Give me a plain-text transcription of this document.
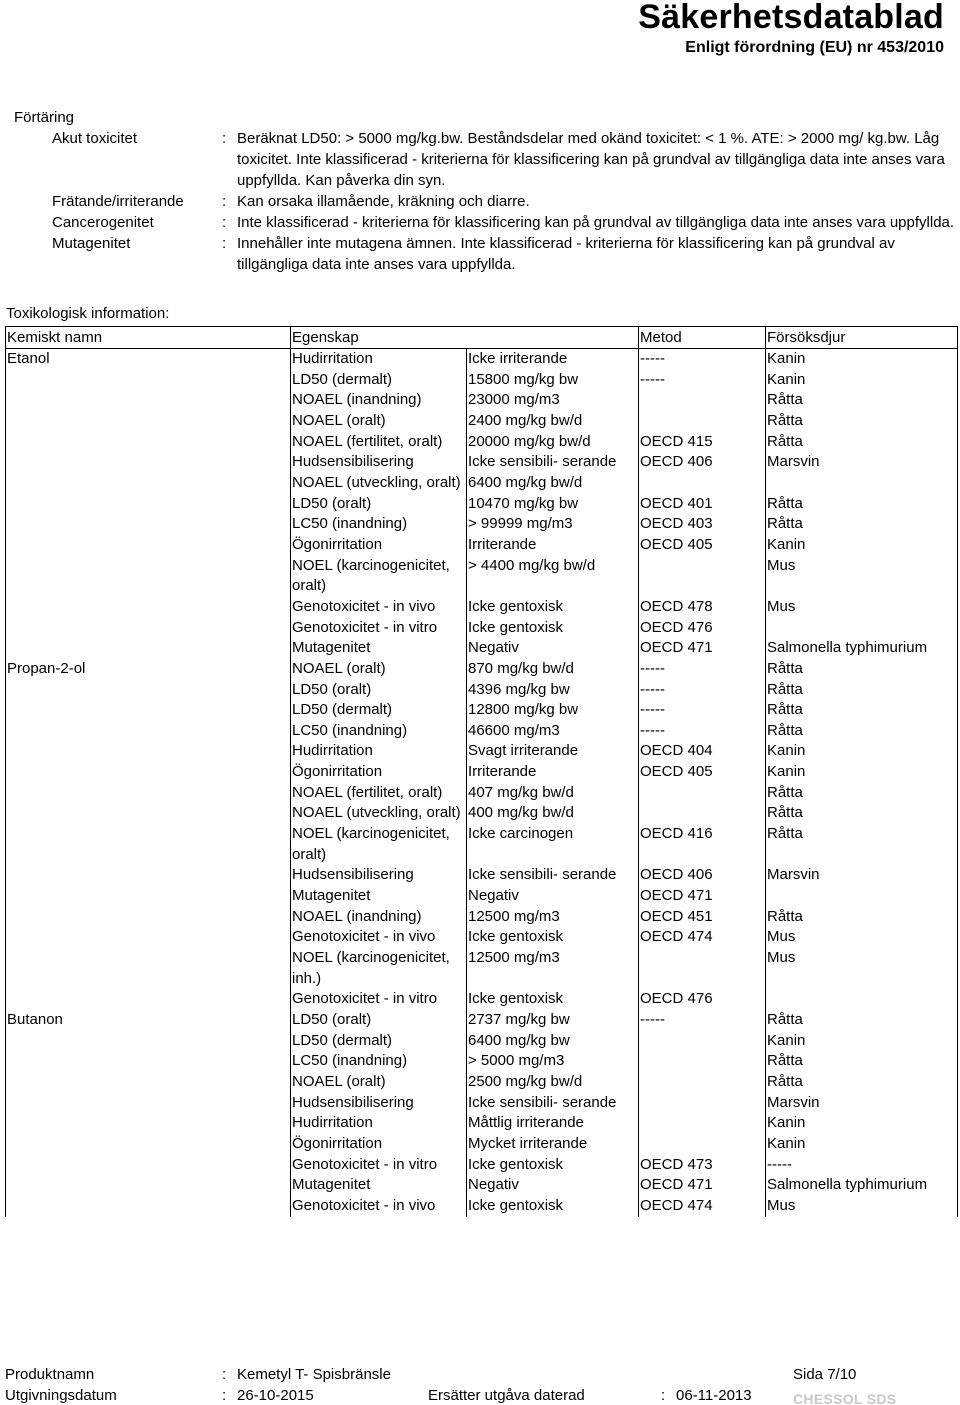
Säkerhetsdatablad
Enligt förordning (EU) nr 453/2010
Förtäring
Akut toxicitet	: Beräknat LD50: > 5000 mg/kg.bw. Beståndsdelar med okänd toxicitet: < 1 %. ATE: > 2000 mg/ kg.bw. Låg toxicitet. Inte klassificerad - kriterierna för klassificering kan på grundval av tillgängliga data inte anses vara uppfyllda. Kan påverka din syn.
Frätande/irriterande	: Kan orsaka illamående, kräkning och diarre.
Cancerogenitet	: Inte klassificerad - kriterierna för klassificering kan på grundval av tillgängliga data inte anses vara uppfyllda.
Mutagenitet	: Innehåller inte mutagena ämnen. Inte klassificerad - kriterierna för klassificering kan på grundval av tillgängliga data inte anses vara uppfyllda.
Toxikologisk information:
Kemiskt namn	Egenskap		Metod	Försöksdjur
Etanol	Hudirritation	Icke irriterande	-----	Kanin
	LD50 (dermalt)	15800 mg/kg bw	-----	Kanin
	NOAEL (inandning)	23000 mg/m3		Råtta
	NOAEL (oralt)	2400 mg/kg bw/d		Råtta
	NOAEL (fertilitet, oralt)	20000 mg/kg bw/d	OECD 415	Råtta
	Hudsensibilisering	Icke sensibili- serande	OECD 406	Marsvin
	NOAEL (utveckling, oralt)	6400 mg/kg bw/d		
	LD50 (oralt)	10470 mg/kg bw	OECD 401	Råtta
	LC50 (inandning)	> 99999 mg/m3	OECD 403	Råtta
	Ögonirritation	Irriterande	OECD 405	Kanin
	NOEL (karcinogenicitet, oralt)	> 4400 mg/kg bw/d		Mus
	Genotoxicitet - in vivo	Icke gentoxisk	OECD 478	Mus
	Genotoxicitet - in vitro	Icke gentoxisk	OECD 476	
	Mutagenitet	Negativ	OECD 471	Salmonella typhimurium
Propan-2-ol	NOAEL (oralt)	870 mg/kg bw/d	-----	Råtta
	LD50 (oralt)	4396 mg/kg bw	-----	Råtta
	LD50 (dermalt)	12800 mg/kg bw	-----	Råtta
	LC50 (inandning)	46600 mg/m3	-----	Råtta
	Hudirritation	Svagt irriterande	OECD 404	Kanin
	Ögonirritation	Irriterande	OECD 405	Kanin
	NOAEL (fertilitet, oralt)	407 mg/kg bw/d		Råtta
	NOAEL (utveckling, oralt)	400 mg/kg bw/d		Råtta
	NOEL (karcinogenicitet, oralt)	Icke carcinogen	OECD 416	Råtta
	Hudsensibilisering	Icke sensibili- serande	OECD 406	Marsvin
	Mutagenitet	Negativ	OECD 471	
	NOAEL (inandning)	12500 mg/m3	OECD 451	Råtta
	Genotoxicitet - in vivo	Icke gentoxisk	OECD 474	Mus
	NOEL (karcinogenicitet, inh.)	12500 mg/m3		Mus
	Genotoxicitet - in vitro	Icke gentoxisk	OECD 476	
Butanon	LD50 (oralt)	2737 mg/kg bw	-----	Råtta
	LD50 (dermalt)	6400 mg/kg bw		Kanin
	LC50 (inandning)	> 5000 mg/m3		Råtta
	NOAEL (oralt)	2500 mg/kg bw/d		Råtta
	Hudsensibilisering	Icke sensibili- serande		Marsvin
	Hudirritation	Måttlig irriterande		Kanin
	Ögonirritation	Mycket irriterande		Kanin
	Genotoxicitet - in vitro	Icke gentoxisk	OECD 473	-----
	Mutagenitet	Negativ	OECD 471	Salmonella typhimurium
	Genotoxicitet - in vivo	Icke gentoxisk	OECD 474	Mus
Produktnamn	: Kemetyl T- Spisbränsle	Sida 7/10
Utgivningsdatum	: 26-10-2015	Ersätter utgåva daterad	: 06-11-2013	CHESSOL SDS
